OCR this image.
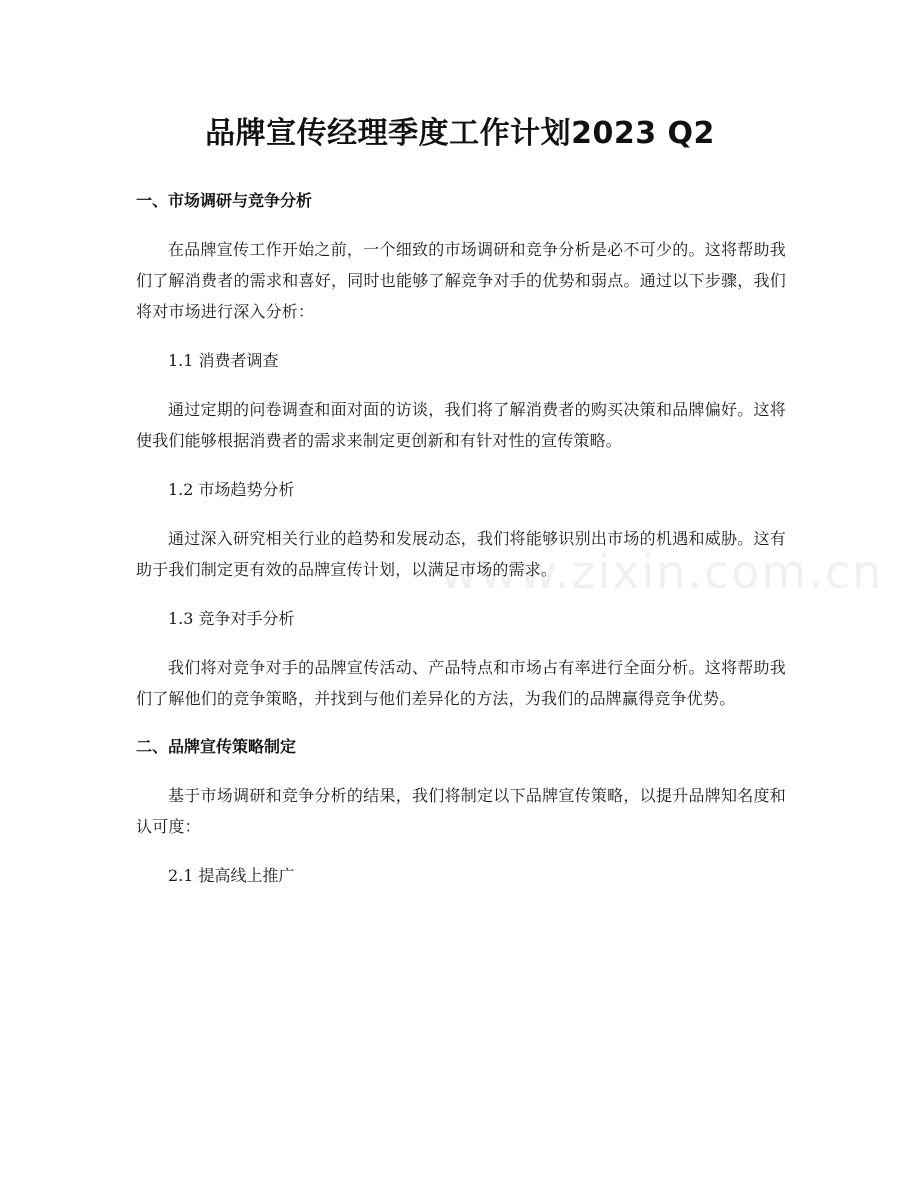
品牌宣传经理季度工作计划2023 Q2
一、市场调研与竞争分析

在品牌宣传工作开始之前，一个细致的市场调研和竞争分析是必不可少的。这将帮助我们了解消费者的需求和喜好，同时也能够了解竞争对手的优势和弱点。通过以下步骤，我们将对市场进行深入分析：

1.1 消费者调查

通过定期的问卷调查和面对面的访谈，我们将了解消费者的购买决策和品牌偏好。这将使我们能够根据消费者的需求来制定更创新和有针对性的宣传策略。

1.2 市场趋势分析

通过深入研究相关行业的趋势和发展动态，我们将能够识别出市场的机遇和威胁。这有助于我们制定更有效的品牌宣传计划，以满足市场的需求。

1.3 竞争对手分析

我们将对竞争对手的品牌宣传活动、产品特点和市场占有率进行全面分析。这将帮助我们了解他们的竞争策略，并找到与他们差异化的方法，为我们的品牌赢得竞争优势。

二、品牌宣传策略制定

基于市场调研和竞争分析的结果，我们将制定以下品牌宣传策略，以提升品牌知名度和认可度：

2.1 提高线上推广
www.zixin.com.cn
